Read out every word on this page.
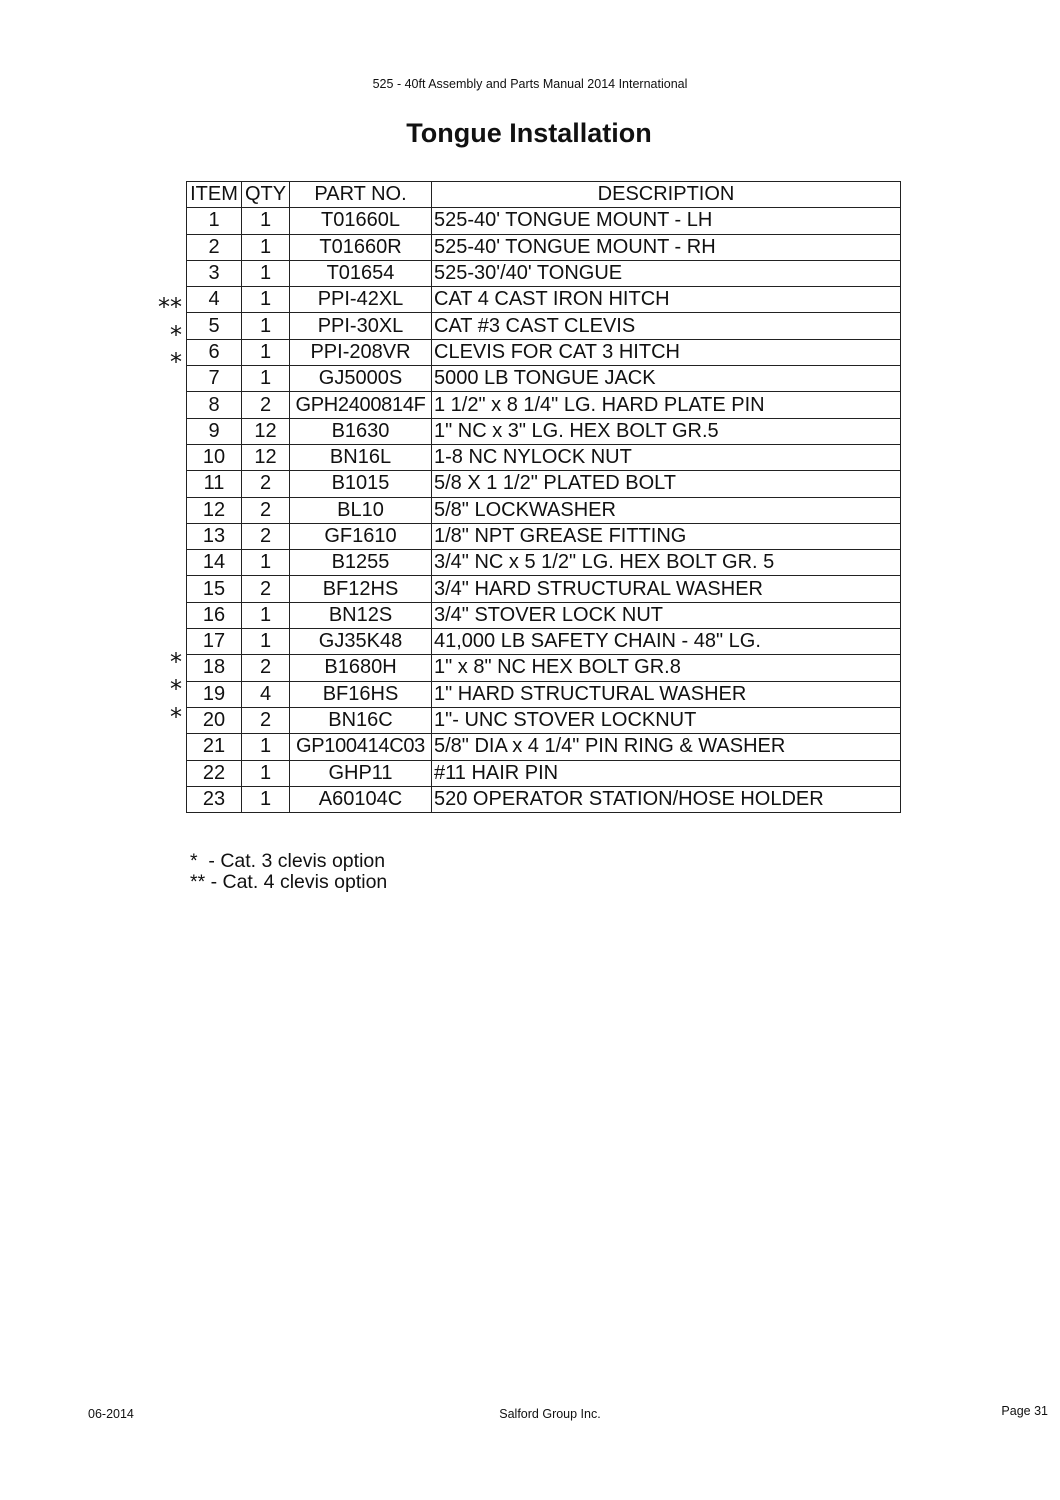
525 - 40ft Assembly and Parts Manual 2014 International
Tongue Installation
ITEM	QTY	PART NO.	DESCRIPTION
1	1	T01660L	525-40' TONGUE MOUNT - LH
2	1	T01660R	525-40' TONGUE MOUNT - RH
3	1	T01654	525-30'/40' TONGUE
4	1	PPI-42XL	CAT 4 CAST IRON HITCH
5	1	PPI-30XL	CAT #3 CAST CLEVIS
6	1	PPI-208VR	CLEVIS FOR CAT 3 HITCH
7	1	GJ5000S	5000 LB TONGUE JACK
8	2	GPH2400814F	1 1/2" x 8 1/4" LG. HARD PLATE PIN
9	12	B1630	1" NC x 3" LG. HEX BOLT GR.5
10	12	BN16L	1-8 NC NYLOCK NUT
11	2	B1015	5/8 X 1 1/2" PLATED BOLT
12	2	BL10	5/8" LOCKWASHER
13	2	GF1610	1/8" NPT GREASE FITTING
14	1	B1255	3/4" NC x 5 1/2" LG. HEX BOLT GR. 5
15	2	BF12HS	3/4" HARD STRUCTURAL WASHER
16	1	BN12S	3/4" STOVER LOCK NUT
17	1	GJ35K48	41,000 LB SAFETY CHAIN - 48" LG.
18	2	B1680H	1" x 8" NC HEX BOLT GR.8
19	4	BF16HS	1" HARD STRUCTURAL WASHER
20	2	BN16C	1"- UNC STOVER LOCKNUT
21	1	GP100414C03	5/8" DIA x 4 1/4" PIN RING & WASHER
22	1	GHP11	#11 HAIR PIN
23	1	A60104C	520 OPERATOR STATION/HOSE HOLDER
**
*
*
*
*
*
*  - Cat. 3 clevis option
** - Cat. 4 clevis option
06-2014	Salford Group Inc.	Page 31
